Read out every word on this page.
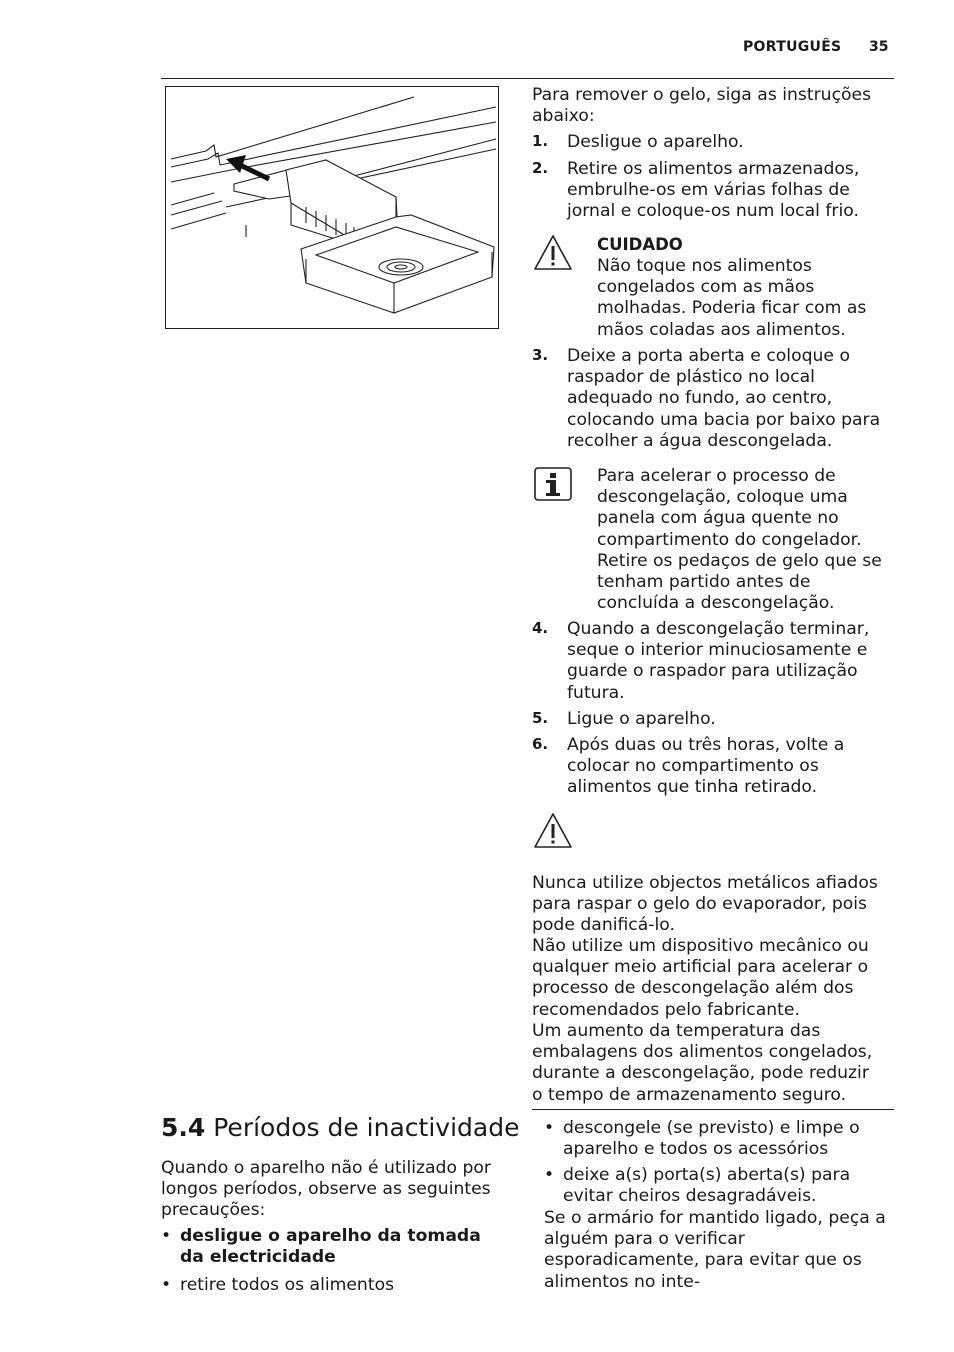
PORTUGUÊS 35
Para remover o gelo, siga as instruções abaixo:
1. Desligue o aparelho.
2. Retire os alimentos armazenados, embrulhe-os em várias folhas de jornal e coloque-os num local frio.
CUIDADO
Não toque nos alimentos congelados com as mãos molhadas. Poderia ficar com as mãos coladas aos alimentos.
3. Deixe a porta aberta e coloque o raspador de plástico no local adequado no fundo, ao centro, colocando uma bacia por baixo para recolher a água descongelada.
Para acelerar o processo de descongelação, coloque uma panela com água quente no compartimento do congelador. Retire os pedaços de gelo que se tenham partido antes de concluída a descongelação.
4. Quando a descongelação terminar, seque o interior minuciosamente e guarde o raspador para utilização futura.
5. Ligue o aparelho.
6. Após duas ou três horas, volte a colocar no compartimento os alimentos que tinha retirado.
Nunca utilize objectos metálicos afiados para raspar o gelo do evaporador, pois pode danificá-lo.
Não utilize um dispositivo mecânico ou qualquer meio artificial para acelerar o processo de descongelação além dos recomendados pelo fabricante.
Um aumento da temperatura das embalagens dos alimentos congelados, durante a descongelação, pode reduzir o tempo de armazenamento seguro.
5.4 Períodos de inactividade
Quando o aparelho não é utilizado por longos períodos, observe as seguintes precauções:
• desligue o aparelho da tomada da electricidade
• retire todos os alimentos
• descongele (se previsto) e limpe o aparelho e todos os acessórios
• deixe a(s) porta(s) aberta(s) para evitar cheiros desagradáveis.
Se o armário for mantido ligado, peça a alguém para o verificar esporadicamente, para evitar que os alimentos no inte-
